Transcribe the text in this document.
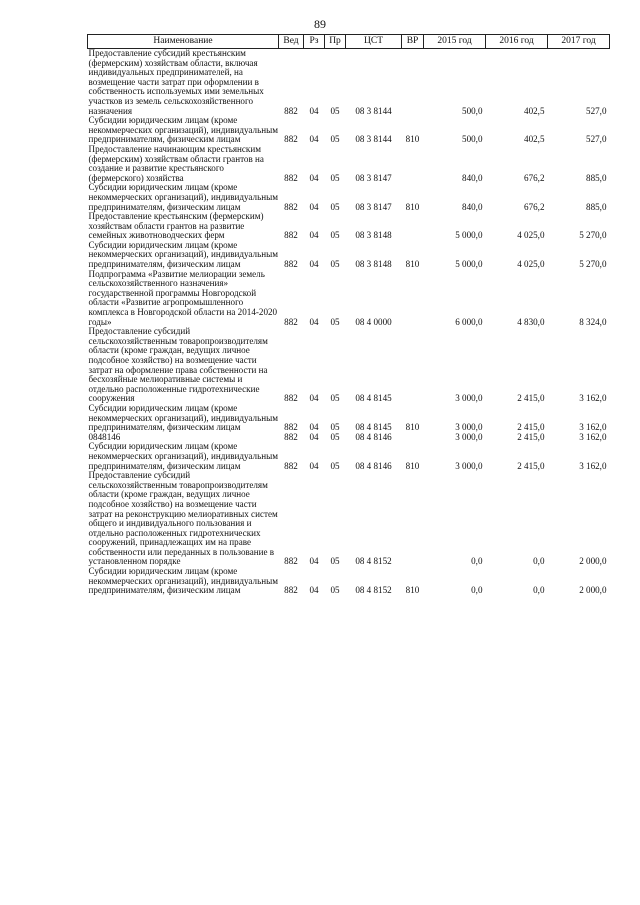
89
Наименование	Вед	Рз	Пр	ЦСТ	ВР	2015 год	2016 год	2017 год
Предоставление субсидий крестьянским (фермерским) хозяйствам области, включая индивидуальных предпринимателей, на возмещение части затрат при оформлении в собственность используемых ими земельных участков из земель сельскохозяйственного назначения	882	04	05	08 3 8144		500,0	402,5	527,0
Субсидии юридическим лицам (кроме некоммерческих организаций), индивидуальным предпринимателям, физическим лицам	882	04	05	08 3 8144	810	500,0	402,5	527,0
Предоставление начинающим крестьянским (фермерским) хозяйствам области грантов на создание и развитие крестьянского (фермерского) хозяйства	882	04	05	08 3 8147		840,0	676,2	885,0
Субсидии юридическим лицам (кроме некоммерческих организаций), индивидуальным предпринимателям, физическим лицам	882	04	05	08 3 8147	810	840,0	676,2	885,0
Предоставление крестьянским (фермерским) хозяйствам области грантов на развитие семейных животноводческих ферм	882	04	05	08 3 8148		5 000,0	4 025,0	5 270,0
Субсидии юридическим лицам (кроме некоммерческих организаций), индивидуальным предпринимателям, физическим лицам	882	04	05	08 3 8148	810	5 000,0	4 025,0	5 270,0
Подпрограмма «Развитие мелиорации земель сельскохозяйственного назначения» государственной программы Новгородской области «Развитие агропромышленного комплекса в Новгородской области на 2014-2020 годы»	882	04	05	08 4 0000		6 000,0	4 830,0	8 324,0
Предоставление субсидий сельскохозяйственным товаропроизводителям области (кроме граждан, ведущих личное подсобное хозяйство) на возмещение части затрат на оформление права собственности на бесхозяйные мелиоративные системы и отдельно расположенные гидротехнические сооружения	882	04	05	08 4 8145		3 000,0	2 415,0	3 162,0
Субсидии юридическим лицам (кроме некоммерческих организаций), индивидуальным предпринимателям, физическим лицам	882	04	05	08 4 8145	810	3 000,0	2 415,0	3 162,0
0848146	882	04	05	08 4 8146		3 000,0	2 415,0	3 162,0
Субсидии юридическим лицам (кроме некоммерческих организаций), индивидуальным предпринимателям, физическим лицам	882	04	05	08 4 8146	810	3 000,0	2 415,0	3 162,0
Предоставление субсидий сельскохозяйственным товаропроизводителям области (кроме граждан, ведущих личное подсобное хозяйство) на возмещение части затрат на реконструкцию мелиоративных систем общего и индивидуального пользования и отдельно расположенных гидротехнических сооружений, принадлежащих им на праве собственности или переданных в пользование в установленном порядке	882	04	05	08 4 8152		0,0	0,0	2 000,0
Субсидии юридическим лицам (кроме некоммерческих организаций), индивидуальным предпринимателям, физическим лицам	882	04	05	08 4 8152	810	0,0	0,0	2 000,0
